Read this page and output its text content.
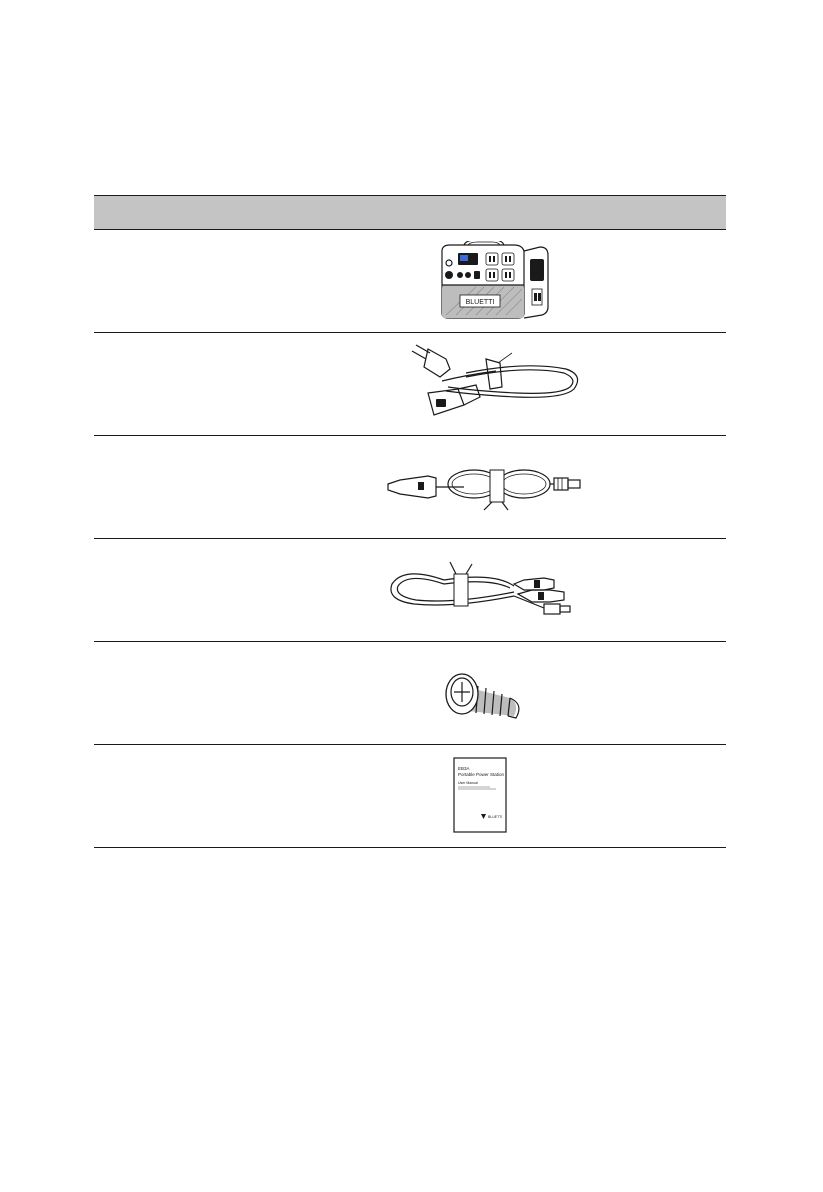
BLUETTI
EB3A
Portable Power Station
User Manual
BLUETTI
